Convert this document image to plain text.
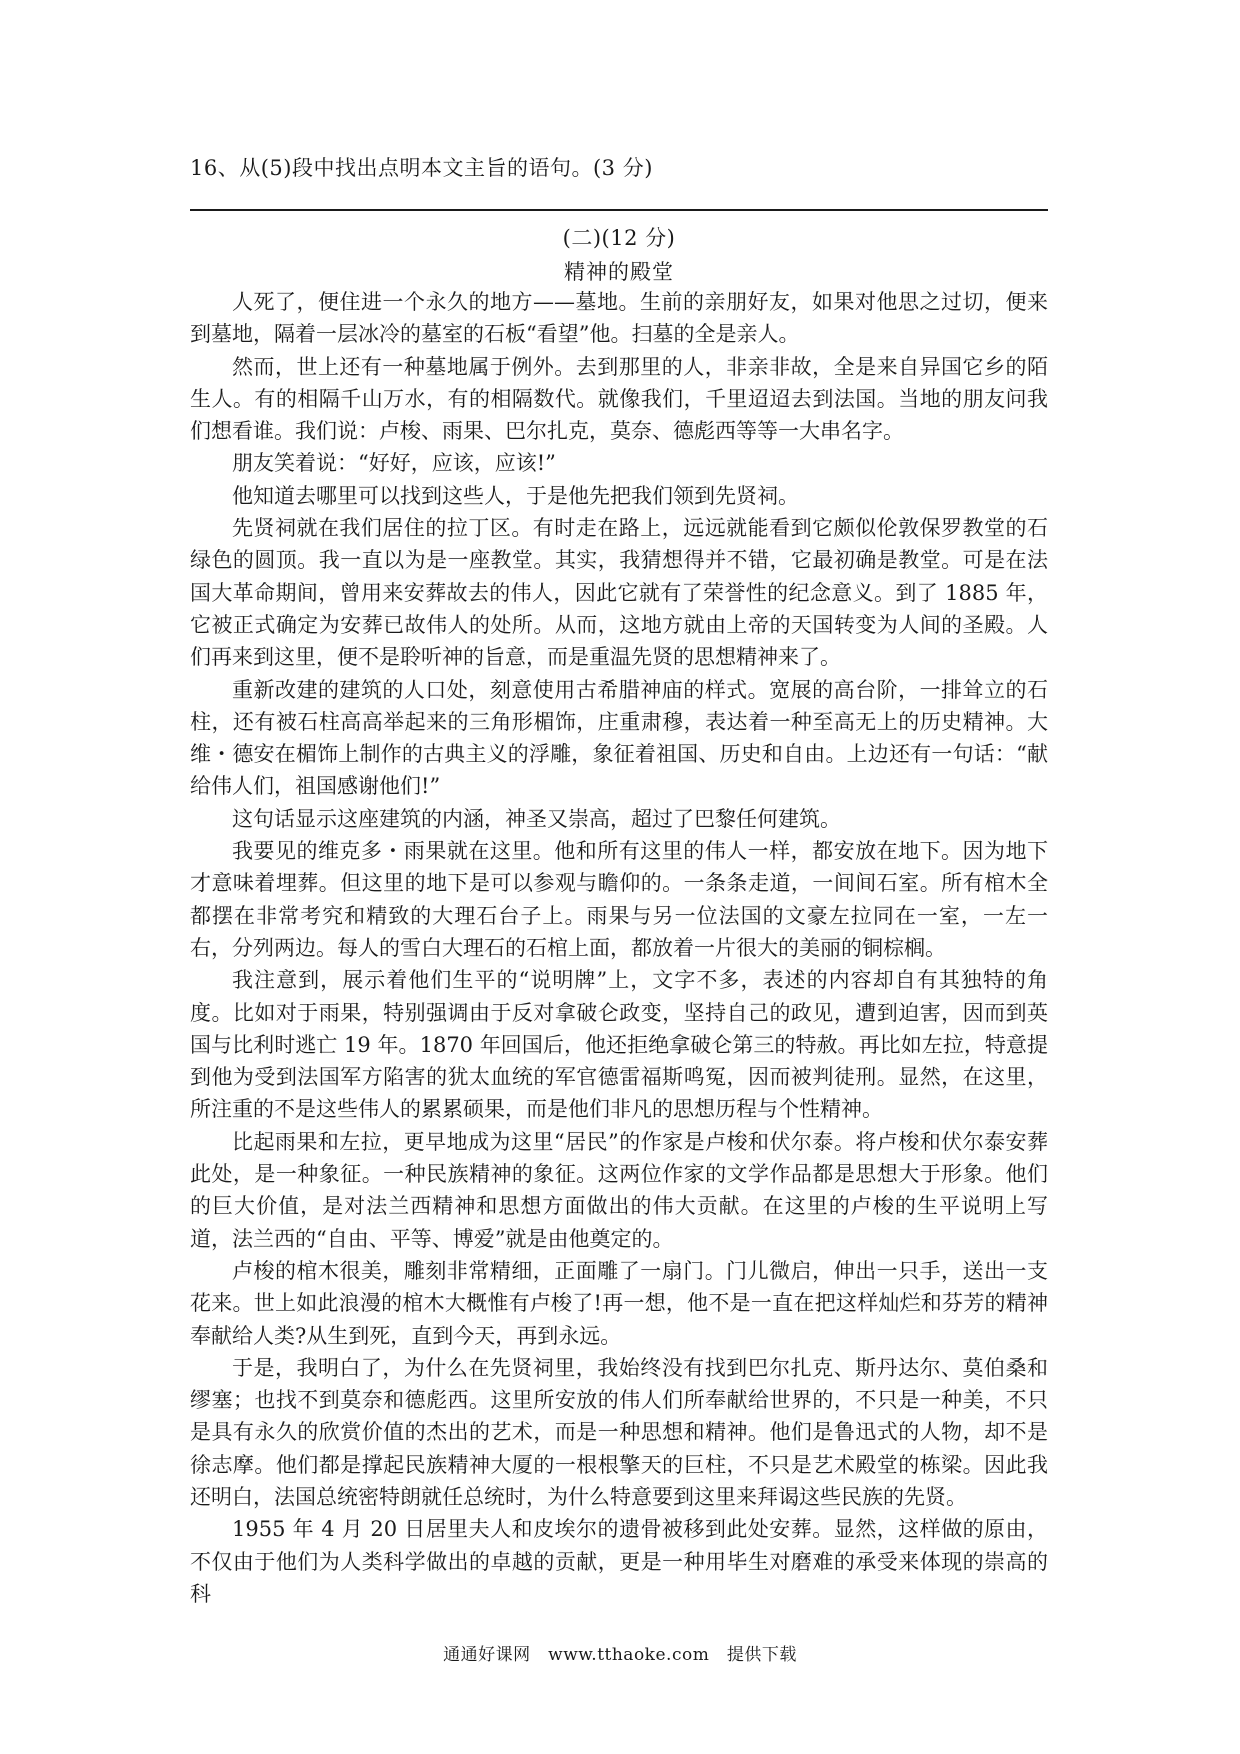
16、从(5)段中找出点明本文主旨的语句。(3 分)
(二)(12 分)
精神的殿堂

人死了，便住进一个永久的地方——墓地。生前的亲朋好友，如果对他思之过切，便来到墓地，隔着一层冰冷的墓室的石板“看望”他。扫墓的全是亲人。

然而，世上还有一种墓地属于例外。去到那里的人，非亲非故，全是来自异国它乡的陌生人。有的相隔千山万水，有的相隔数代。就像我们，千里迢迢去到法国。当地的朋友问我们想看谁。我们说：卢梭、雨果、巴尔扎克，莫奈、德彪西等等一大串名字。

朋友笑着说：“好好，应该，应该!”

他知道去哪里可以找到这些人，于是他先把我们领到先贤祠。

先贤祠就在我们居住的拉丁区。有时走在路上，远远就能看到它颇似伦敦保罗教堂的石绿色的圆顶。我一直以为是一座教堂。其实，我猜想得并不错，它最初确是教堂。可是在法国大革命期间，曾用来安葬故去的伟人，因此它就有了荣誉性的纪念意义。到了 1885 年，它被正式确定为安葬已故伟人的处所。从而，这地方就由上帝的天国转变为人间的圣殿。人们再来到这里，便不是聆听神的旨意，而是重温先贤的思想精神来了。

重新改建的建筑的人口处，刻意使用古希腊神庙的样式。宽展的高台阶，一排耸立的石柱，还有被石柱高高举起来的三角形楣饰，庄重肃穆，表达着一种至高无上的历史精神。大维・德安在楣饰上制作的古典主义的浮雕，象征着祖国、历史和自由。上边还有一句话：“献给伟人们，祖国感谢他们!”

这句话显示这座建筑的内涵，神圣又崇高，超过了巴黎任何建筑。

我要见的维克多・雨果就在这里。他和所有这里的伟人一样，都安放在地下。因为地下才意味着埋葬。但这里的地下是可以参观与瞻仰的。一条条走道，一间间石室。所有棺木全都摆在非常考究和精致的大理石台子上。雨果与另一位法国的文豪左拉同在一室，一左一右，分列两边。每人的雪白大理石的石棺上面，都放着一片很大的美丽的铜棕榈。

我注意到，展示着他们生平的“说明牌”上，文字不多，表述的内容却自有其独特的角度。比如对于雨果，特别强调由于反对拿破仑政变，坚持自己的政见，遭到迫害，因而到英国与比利时逃亡 19 年。1870 年回国后，他还拒绝拿破仑第三的特赦。再比如左拉，特意提到他为受到法国军方陷害的犹太血统的军官德雷福斯鸣冤，因而被判徒刑。显然，在这里，所注重的不是这些伟人的累累硕果，而是他们非凡的思想历程与个性精神。

比起雨果和左拉，更早地成为这里“居民”的作家是卢梭和伏尔泰。将卢梭和伏尔泰安葬此处，是一种象征。一种民族精神的象征。这两位作家的文学作品都是思想大于形象。他们的巨大价值，是对法兰西精神和思想方面做出的伟大贡献。在这里的卢梭的生平说明上写道，法兰西的“自由、平等、博爱”就是由他奠定的。

卢梭的棺木很美，雕刻非常精细，正面雕了一扇门。门儿微启，伸出一只手，送出一支花来。世上如此浪漫的棺木大概惟有卢梭了!再一想，他不是一直在把这样灿烂和芬芳的精神奉献给人类?从生到死，直到今天，再到永远。

于是，我明白了，为什么在先贤祠里，我始终没有找到巴尔扎克、斯丹达尔、莫伯桑和缪塞；也找不到莫奈和德彪西。这里所安放的伟人们所奉献给世界的，不只是一种美，不只是具有永久的欣赏价值的杰出的艺术，而是一种思想和精神。他们是鲁迅式的人物，却不是徐志摩。他们都是撑起民族精神大厦的一根根擎天的巨柱，不只是艺术殿堂的栋梁。因此我还明白，法国总统密特朗就任总统时，为什么特意要到这里来拜谒这些民族的先贤。

1955 年 4 月 20 日居里夫人和皮埃尔的遗骨被移到此处安葬。显然，这样做的原由，不仅由于他们为人类科学做出的卓越的贡献，更是一种用毕生对磨难的承受来体现的崇高的科

通通好课网　www.tthaoke.com　提供下载
